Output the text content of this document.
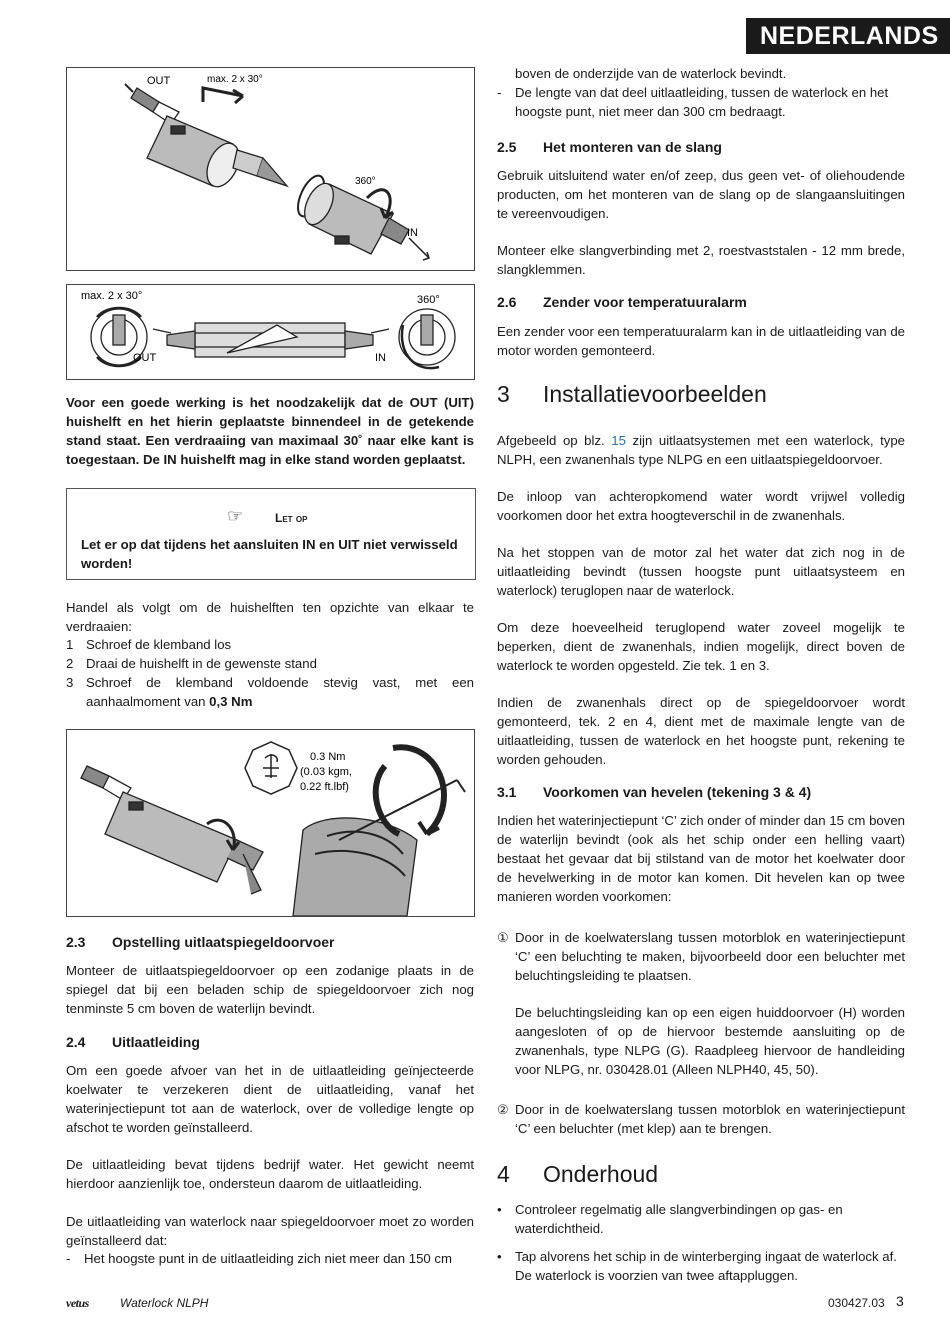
NEDERLANDS
OUT	max. 2 x 30°
360°
IN
max. 2 x 30°	360°
OUT	IN
Voor een goede werking is het noodzakelijk dat de OUT (UIT) huishelft en het hierin geplaatste binnendeel in de getekende stand staat. Een verdraaiing van maximaal 30˚ naar elke kant is toegestaan. De IN huishelft mag in elke stand worden geplaatst.
☞	Let op
Let er op dat tijdens het aansluiten IN en UIT niet verwisseld worden!
Handel als volgt om de huishelften ten opzichte van elkaar te verdraaien:
1 Schroef de klemband los
2 Draai de huishelft in de gewenste stand
3 Schroef de klemband voldoende stevig vast, met een aanhaalmoment van 0,3 Nm
0.3 Nm
(0.03 kgm,
0.22 ft.lbf)
2.3 Opstelling uitlaatspiegeldoorvoer
Monteer de uitlaatspiegeldoorvoer op een zodanige plaats in de spiegel dat bij een beladen schip de spiegeldoorvoer zich nog tenminste 5 cm boven de waterlijn bevindt.
2.4 Uitlaatleiding
Om een goede afvoer van het in de uitlaatleiding geïnjecteerde koelwater te verzekeren dient de uitlaatleiding, vanaf het waterinjectiepunt tot aan de waterlock, over de volledige lengte op afschot te worden geïnstalleerd.
De uitlaatleiding bevat tijdens bedrijf water. Het gewicht neemt hierdoor aanzienlijk toe, ondersteun daarom de uitlaatleiding.
De uitlaatleiding van waterlock naar spiegeldoorvoer moet zo worden geïnstalleerd dat:
- Het hoogste punt in de uitlaatleiding zich niet meer dan 150 cm
boven de onderzijde van de waterlock bevindt.
- De lengte van dat deel uitlaatleiding, tussen de waterlock en het hoogste punt, niet meer dan 300 cm bedraagt.
2.5 Het monteren van de slang
Gebruik uitsluitend water en/of zeep, dus geen vet- of oliehoudende producten, om het monteren van de slang op de slangaansluitingen te vereenvoudigen.
Monteer elke slangverbinding met 2, roestvaststalen - 12 mm brede, slangklemmen.
2.6 Zender voor temperatuuralarm
Een zender voor een temperatuuralarm kan in de uitlaatleiding van de motor worden gemonteerd.
3 Installatievoorbeelden
Afgebeeld op blz. 15 zijn uitlaatsystemen met een waterlock, type NLPH, een zwanenhals type NLPG en een uitlaatspiegeldoorvoer.
De inloop van achteropkomend water wordt vrijwel volledig voorkomen door het extra hoogteverschil in de zwanenhals.
Na het stoppen van de motor zal het water dat zich nog in de uitlaatleiding bevindt (tussen hoogste punt uitlaatsysteem en waterlock) teruglopen naar de waterlock.
Om deze hoeveelheid teruglopend water zoveel mogelijk te beperken, dient de zwanenhals, indien mogelijk, direct boven de waterlock te worden opgesteld. Zie tek. 1 en 3.
Indien de zwanenhals direct op de spiegeldoorvoer wordt gemonteerd, tek. 2 en 4, dient met de maximale lengte van de uitlaatleiding, tussen de waterlock en het hoogste punt, rekening te worden gehouden.
3.1 Voorkomen van hevelen (tekening 3 & 4)
Indien het waterinjectiepunt ‘C’ zich onder of minder dan 15 cm boven de waterlijn bevindt (ook als het schip onder een helling vaart) bestaat het gevaar dat bij stilstand van de motor het koelwater door de hevelwerking in de motor kan komen. Dit hevelen kan op twee manieren worden voorkomen:
① Door in de koelwaterslang tussen motorblok en waterinjectiepunt ‘C’ een beluchting te maken, bijvoorbeeld door een beluchter met beluchtingsleiding te plaatsen.
De beluchtingsleiding kan op een eigen huiddoorvoer (H) worden aangesloten of op de hiervoor bestemde aansluiting op de zwanenhals, type NLPG (G). Raadpleeg hiervoor de handleiding voor NLPG, nr. 030428.01 (Alleen NLPH40, 45, 50).
② Door in de koelwaterslang tussen motorblok en waterinjectiepunt ‘C’ een beluchter (met klep) aan te brengen.
4 Onderhoud
• Controleer regelmatig alle slangverbindingen op gas- en waterdichtheid.
• Tap alvorens het schip in de winterberging ingaat de waterlock af. De waterlock is voorzien van twee aftappluggen.
vetus	Waterlock NLPH	030427.03 3
